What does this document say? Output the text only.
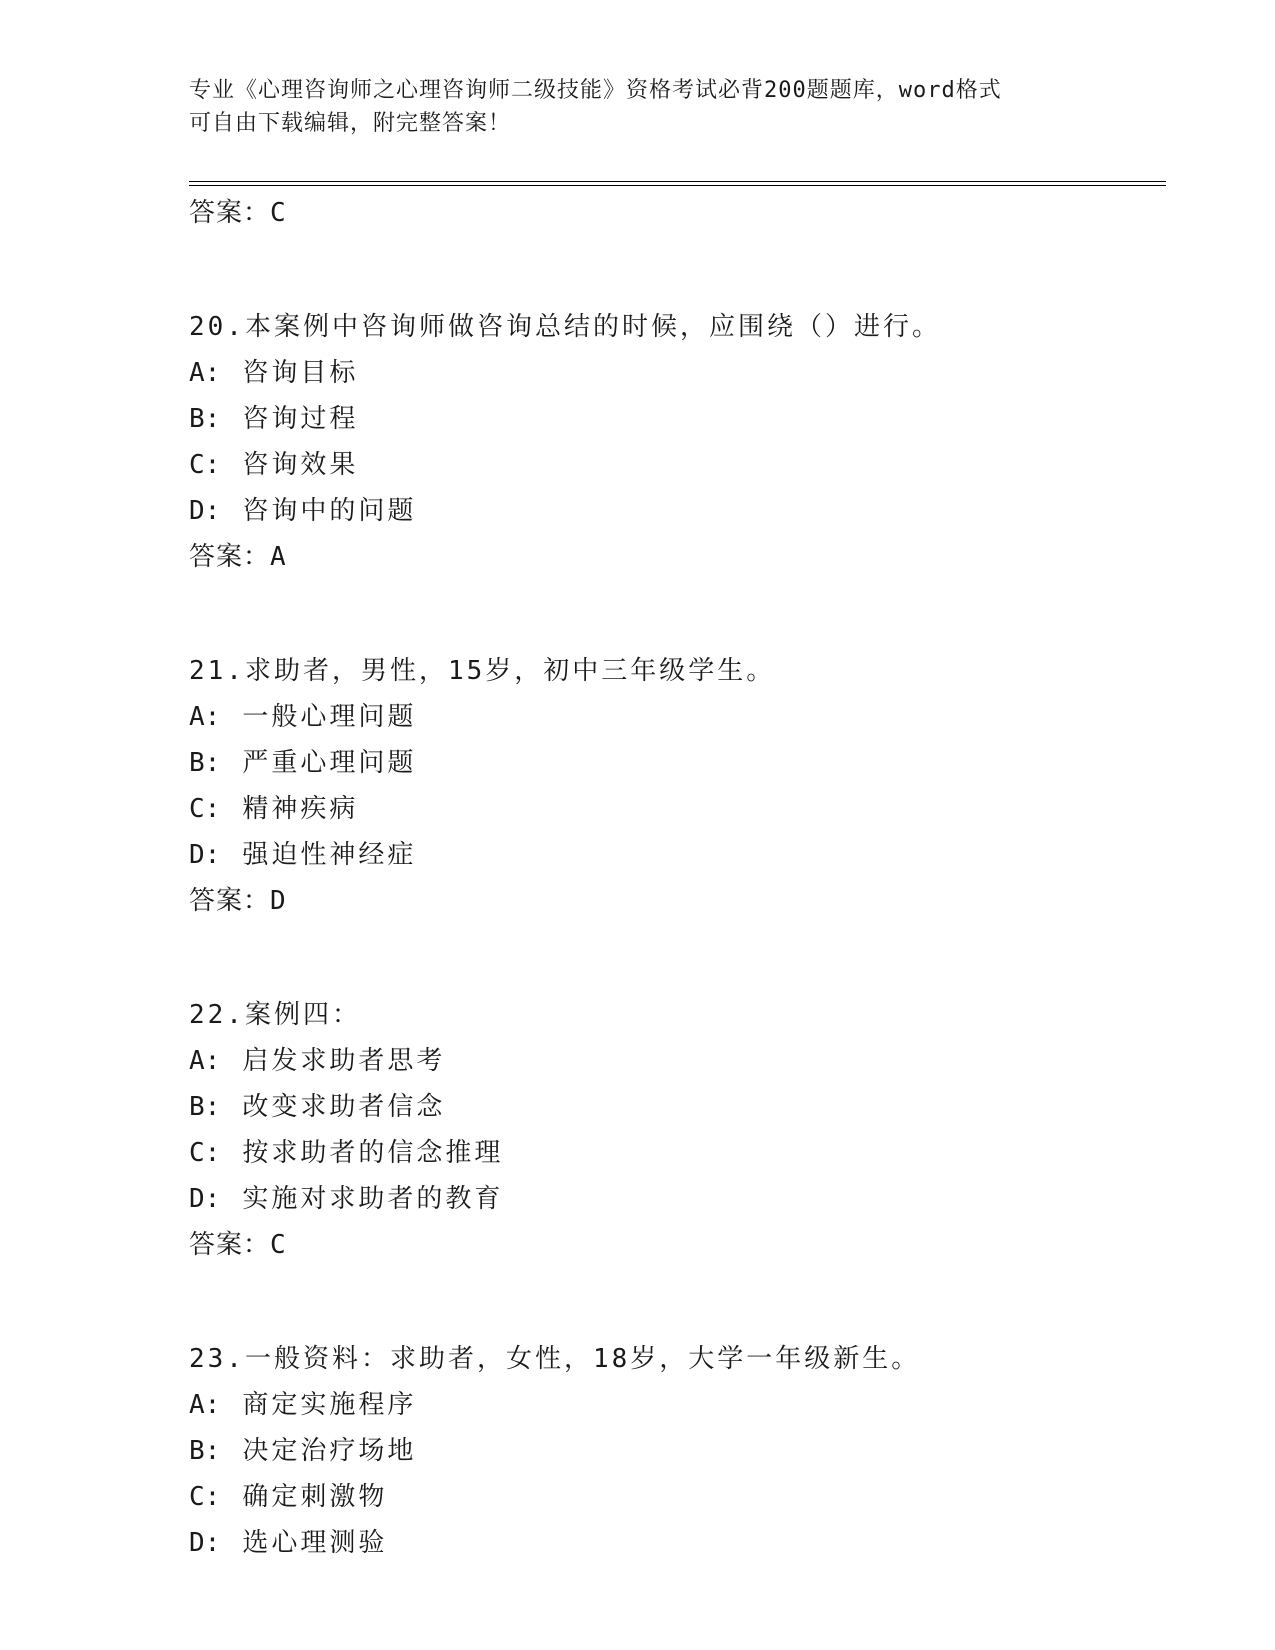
专业《心理咨询师之心理咨询师二级技能》资格考试必背200题题库，word格式
可自由下载编辑，附完整答案！
答案：C
20.本案例中咨询师做咨询总结的时候，应围绕（）进行。
A: 咨询目标
B: 咨询过程
C: 咨询效果
D: 咨询中的问题
答案：A
21.求助者，男性，15岁，初中三年级学生。
A: 一般心理问题
B: 严重心理问题
C: 精神疾病
D: 强迫性神经症
答案：D
22.案例四：
A: 启发求助者思考
B: 改变求助者信念
C: 按求助者的信念推理
D: 实施对求助者的教育
答案：C
23.一般资料：求助者，女性，18岁，大学一年级新生。
A: 商定实施程序
B: 决定治疗场地
C: 确定刺激物
D: 选心理测验
